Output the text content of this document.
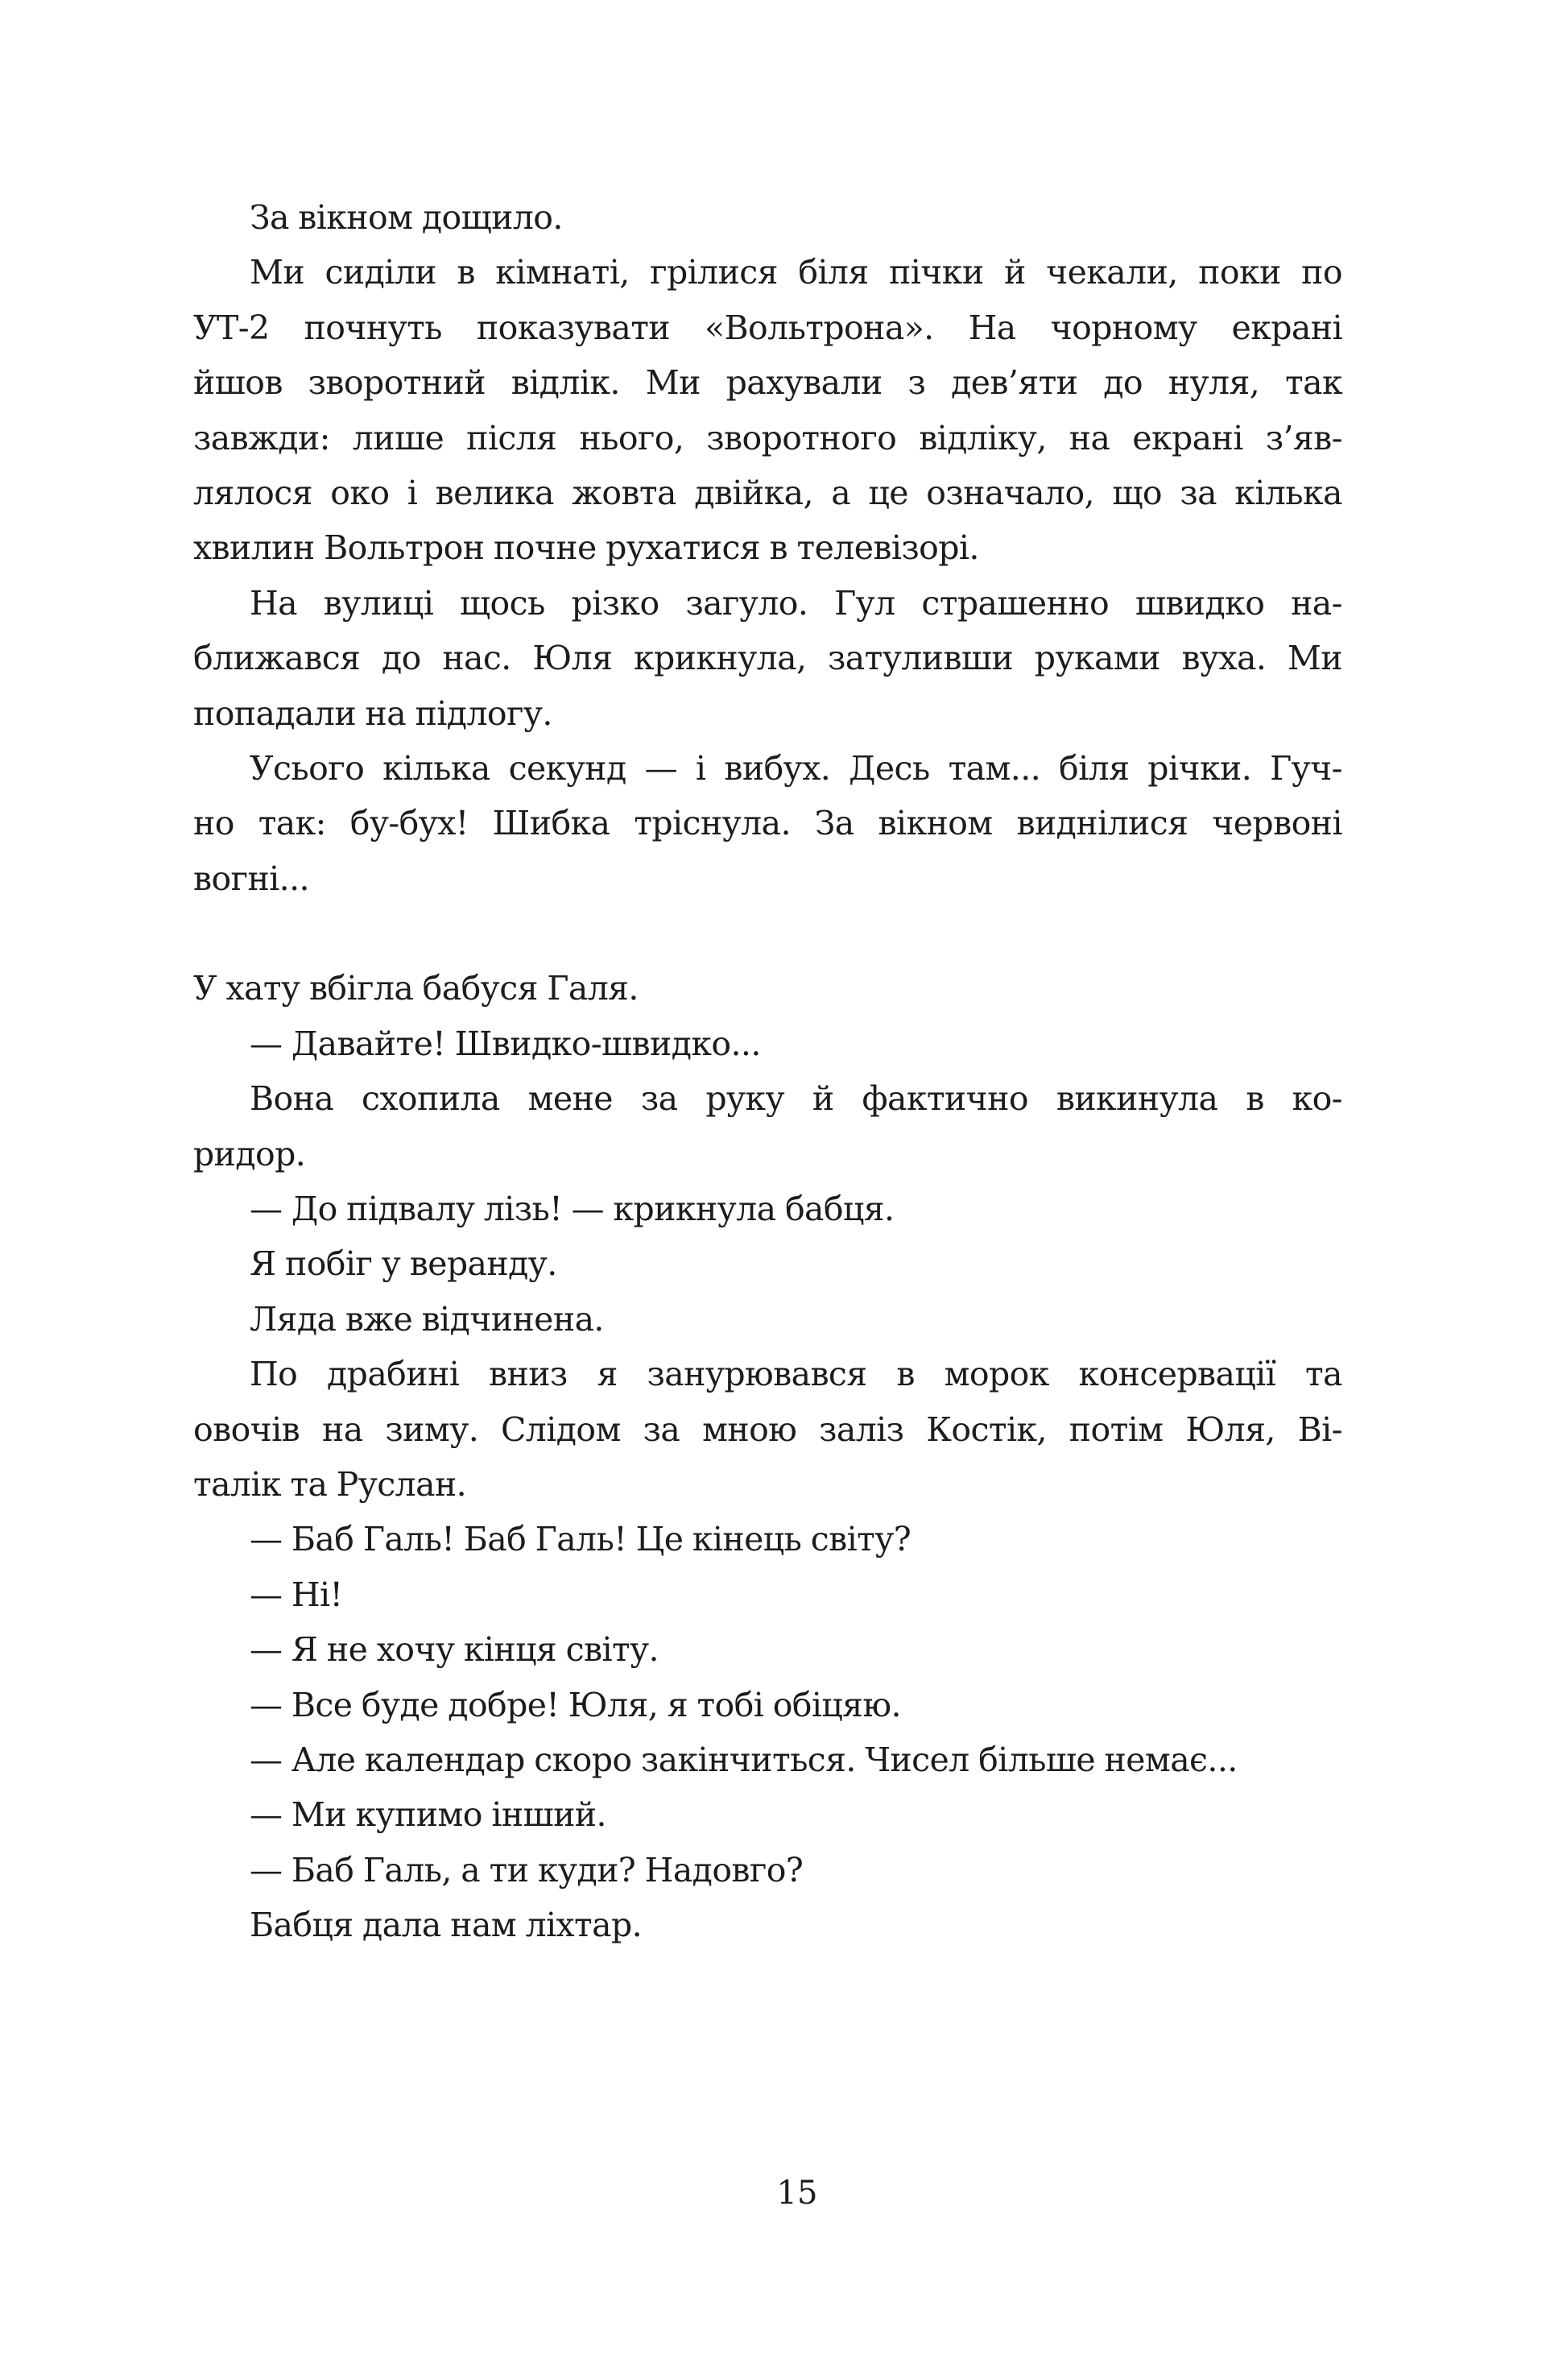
За вікном дощило.
Ми сиділи в кімнаті, грілися біля пічки й чекали, поки по
УТ-2 почнуть показувати «Вольтрона». На чорному екрані
йшов зворотний відлік. Ми рахували з дев’яти до нуля, так
завжди: лише після нього, зворотного відліку, на екрані з’яв-
лялося око і велика жовта двійка, а це означало, що за кілька
хвилин Вольтрон почне рухатися в телевізорі.
На вулиці щось різко загуло. Гул страшенно швидко на-
ближався до нас. Юля крикнула, затуливши руками вуха. Ми
попадали на підлогу.
Усього кілька секунд — і вибух. Десь там... біля річки. Гуч-
но так: бу-бух! Шибка тріснула. За вікном виднілися червоні
вогні...
У хату вбігла бабуся Галя.
— Давайте! Швидко-швидко...
Вона схопила мене за руку й фактично викинула в ко-
ридор.
— До підвалу лізь! — крикнула бабця.
Я побіг у веранду.
Ляда вже відчинена.
По драбині вниз я занурювався в морок консервації та
овочів на зиму. Слідом за мною заліз Костік, потім Юля, Ві-
талік та Руслан.
— Баб Галь! Баб Галь! Це кінець світу?
— Ні!
— Я не хочу кінця світу.
— Все буде добре! Юля, я тобі обіцяю.
— Але календар скоро закінчиться. Чисел більше немає...
— Ми купимо інший.
— Баб Галь, а ти куди? Надовго?
Бабця дала нам ліхтар.
15
